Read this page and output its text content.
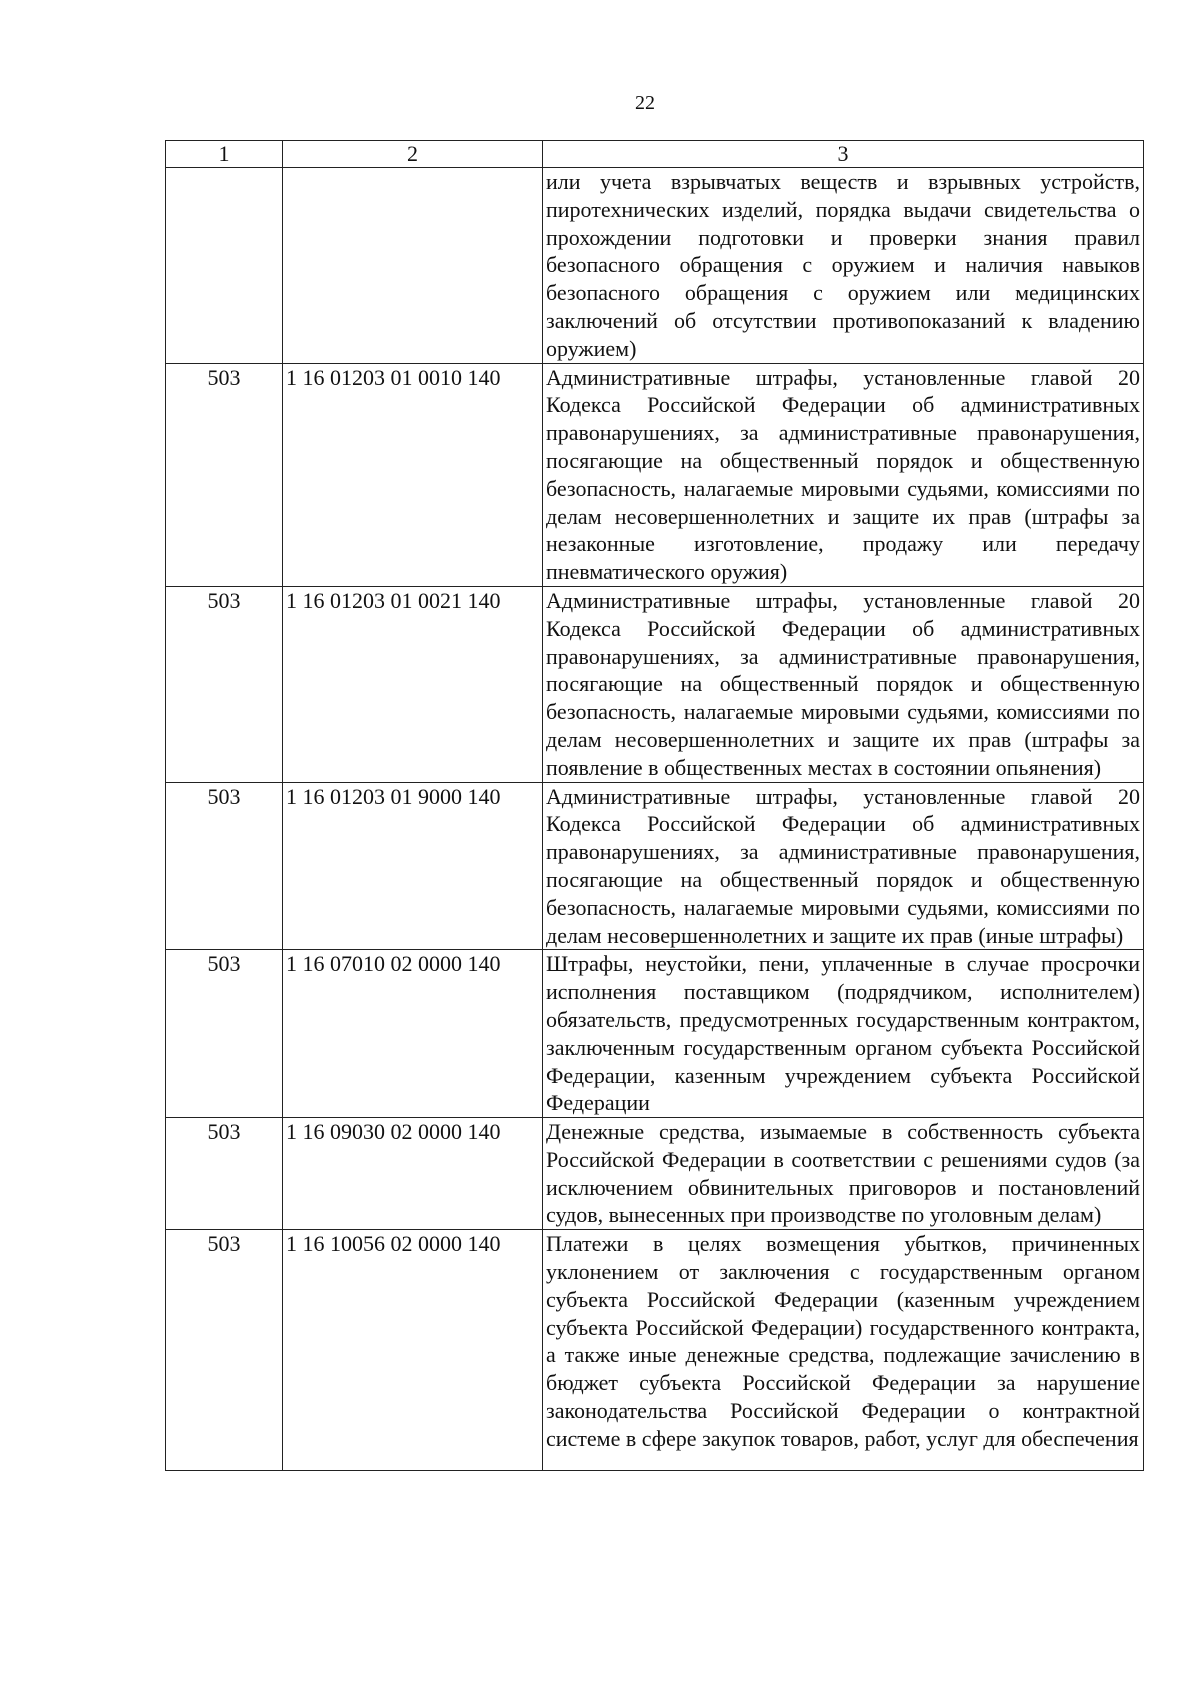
22
1	2	3
		или учета взрывчатых веществ и взрывных устройств, пиротехнических изделий, порядка выдачи свидетельства о прохождении подготовки и проверки знания правил безопасного обращения с оружием и наличия навыков безопасного обращения с оружием или медицинских заключений об отсутствии противопоказаний к владению оружием)
503	1 16 01203 01 0010 140	Административные штрафы, установленные главой 20 Кодекса Российской Федерации об административных правонарушениях, за административные правонарушения, посягающие на общественный порядок и общественную безопасность, налагаемые мировыми судьями, комиссиями по делам несовершеннолетних и защите их прав (штрафы за незаконные изготовление, продажу или передачу пневматического оружия)
503	1 16 01203 01 0021 140	Административные штрафы, установленные главой 20 Кодекса Российской Федерации об административных правонарушениях, за административные правонарушения, посягающие на общественный порядок и общественную безопасность, налагаемые мировыми судьями, комиссиями по делам несовершеннолетних и защите их прав (штрафы за появление в общественных местах в состоянии опьянения)
503	1 16 01203 01 9000 140	Административные штрафы, установленные главой 20 Кодекса Российской Федерации об административных правонарушениях, за административные правонарушения, посягающие на общественный порядок и общественную безопасность, налагаемые мировыми судьями, комиссиями по делам несовершеннолетних и защите их прав (иные штрафы)
503	1 16 07010 02 0000 140	Штрафы, неустойки, пени, уплаченные в случае просрочки исполнения поставщиком (подрядчиком, исполнителем) обязательств, предусмотренных государственным контрактом, заключенным государственным органом субъекта Российской Федерации, казенным учреждением субъекта Российской Федерации
503	1 16 09030 02 0000 140	Денежные средства, изымаемые в собственность субъекта Российской Федерации в соответствии с решениями судов (за исключением обвинительных приговоров и постановлений судов, вынесенных при производстве по уголовным делам)
503	1 16 10056 02 0000 140	Платежи в целях возмещения убытков, причиненных уклонением от заключения с государственным органом субъекта Российской Федерации (казенным учреждением субъекта Российской Федерации) государственного контракта, а также иные денежные средства, подлежащие зачислению в бюджет субъекта Российской Федерации за нарушение законодательства Российской Федерации о контрактной системе в сфере закупок товаров, работ, услуг для обеспечения
